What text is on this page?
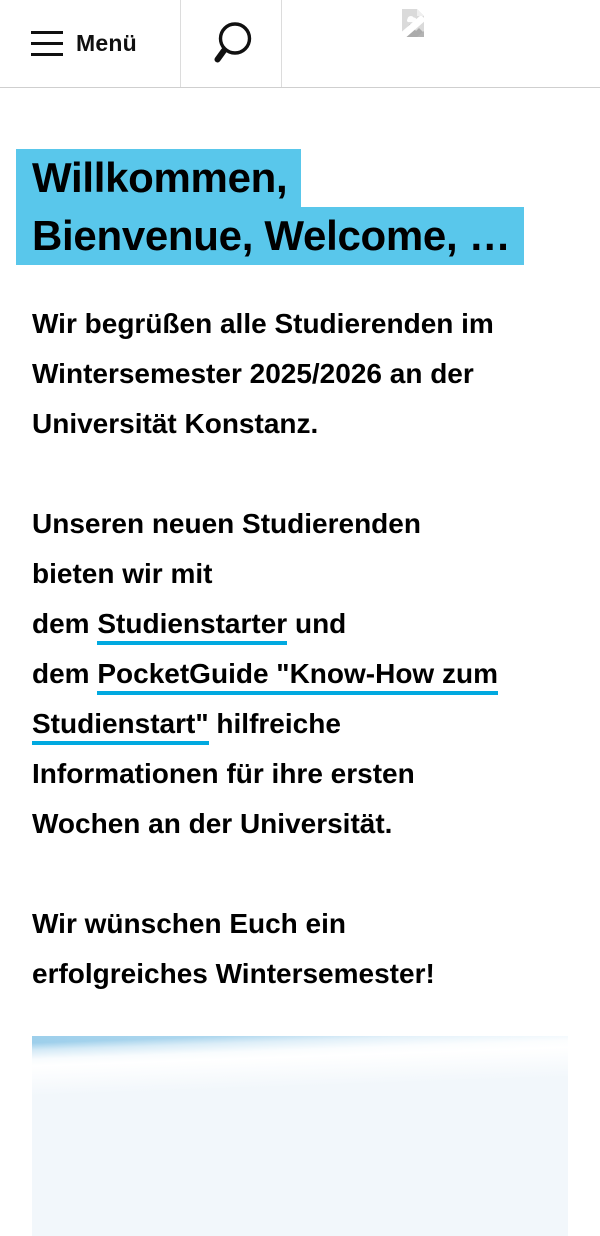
Menü
Willkommen,
Bienvenue, Welcome, …

Wir begrüßen alle Studierenden im
Wintersemester 2025/2026 an der
Universität Konstanz.

Unseren neuen Studierenden
bieten wir mit
dem Studienstarter und
dem PocketGuide "Know-How zum
Studienstart" hilfreiche
Informationen für ihre ersten
Wochen an der Universität.

Wir wünschen Euch ein
erfolgreiches Wintersemester!
